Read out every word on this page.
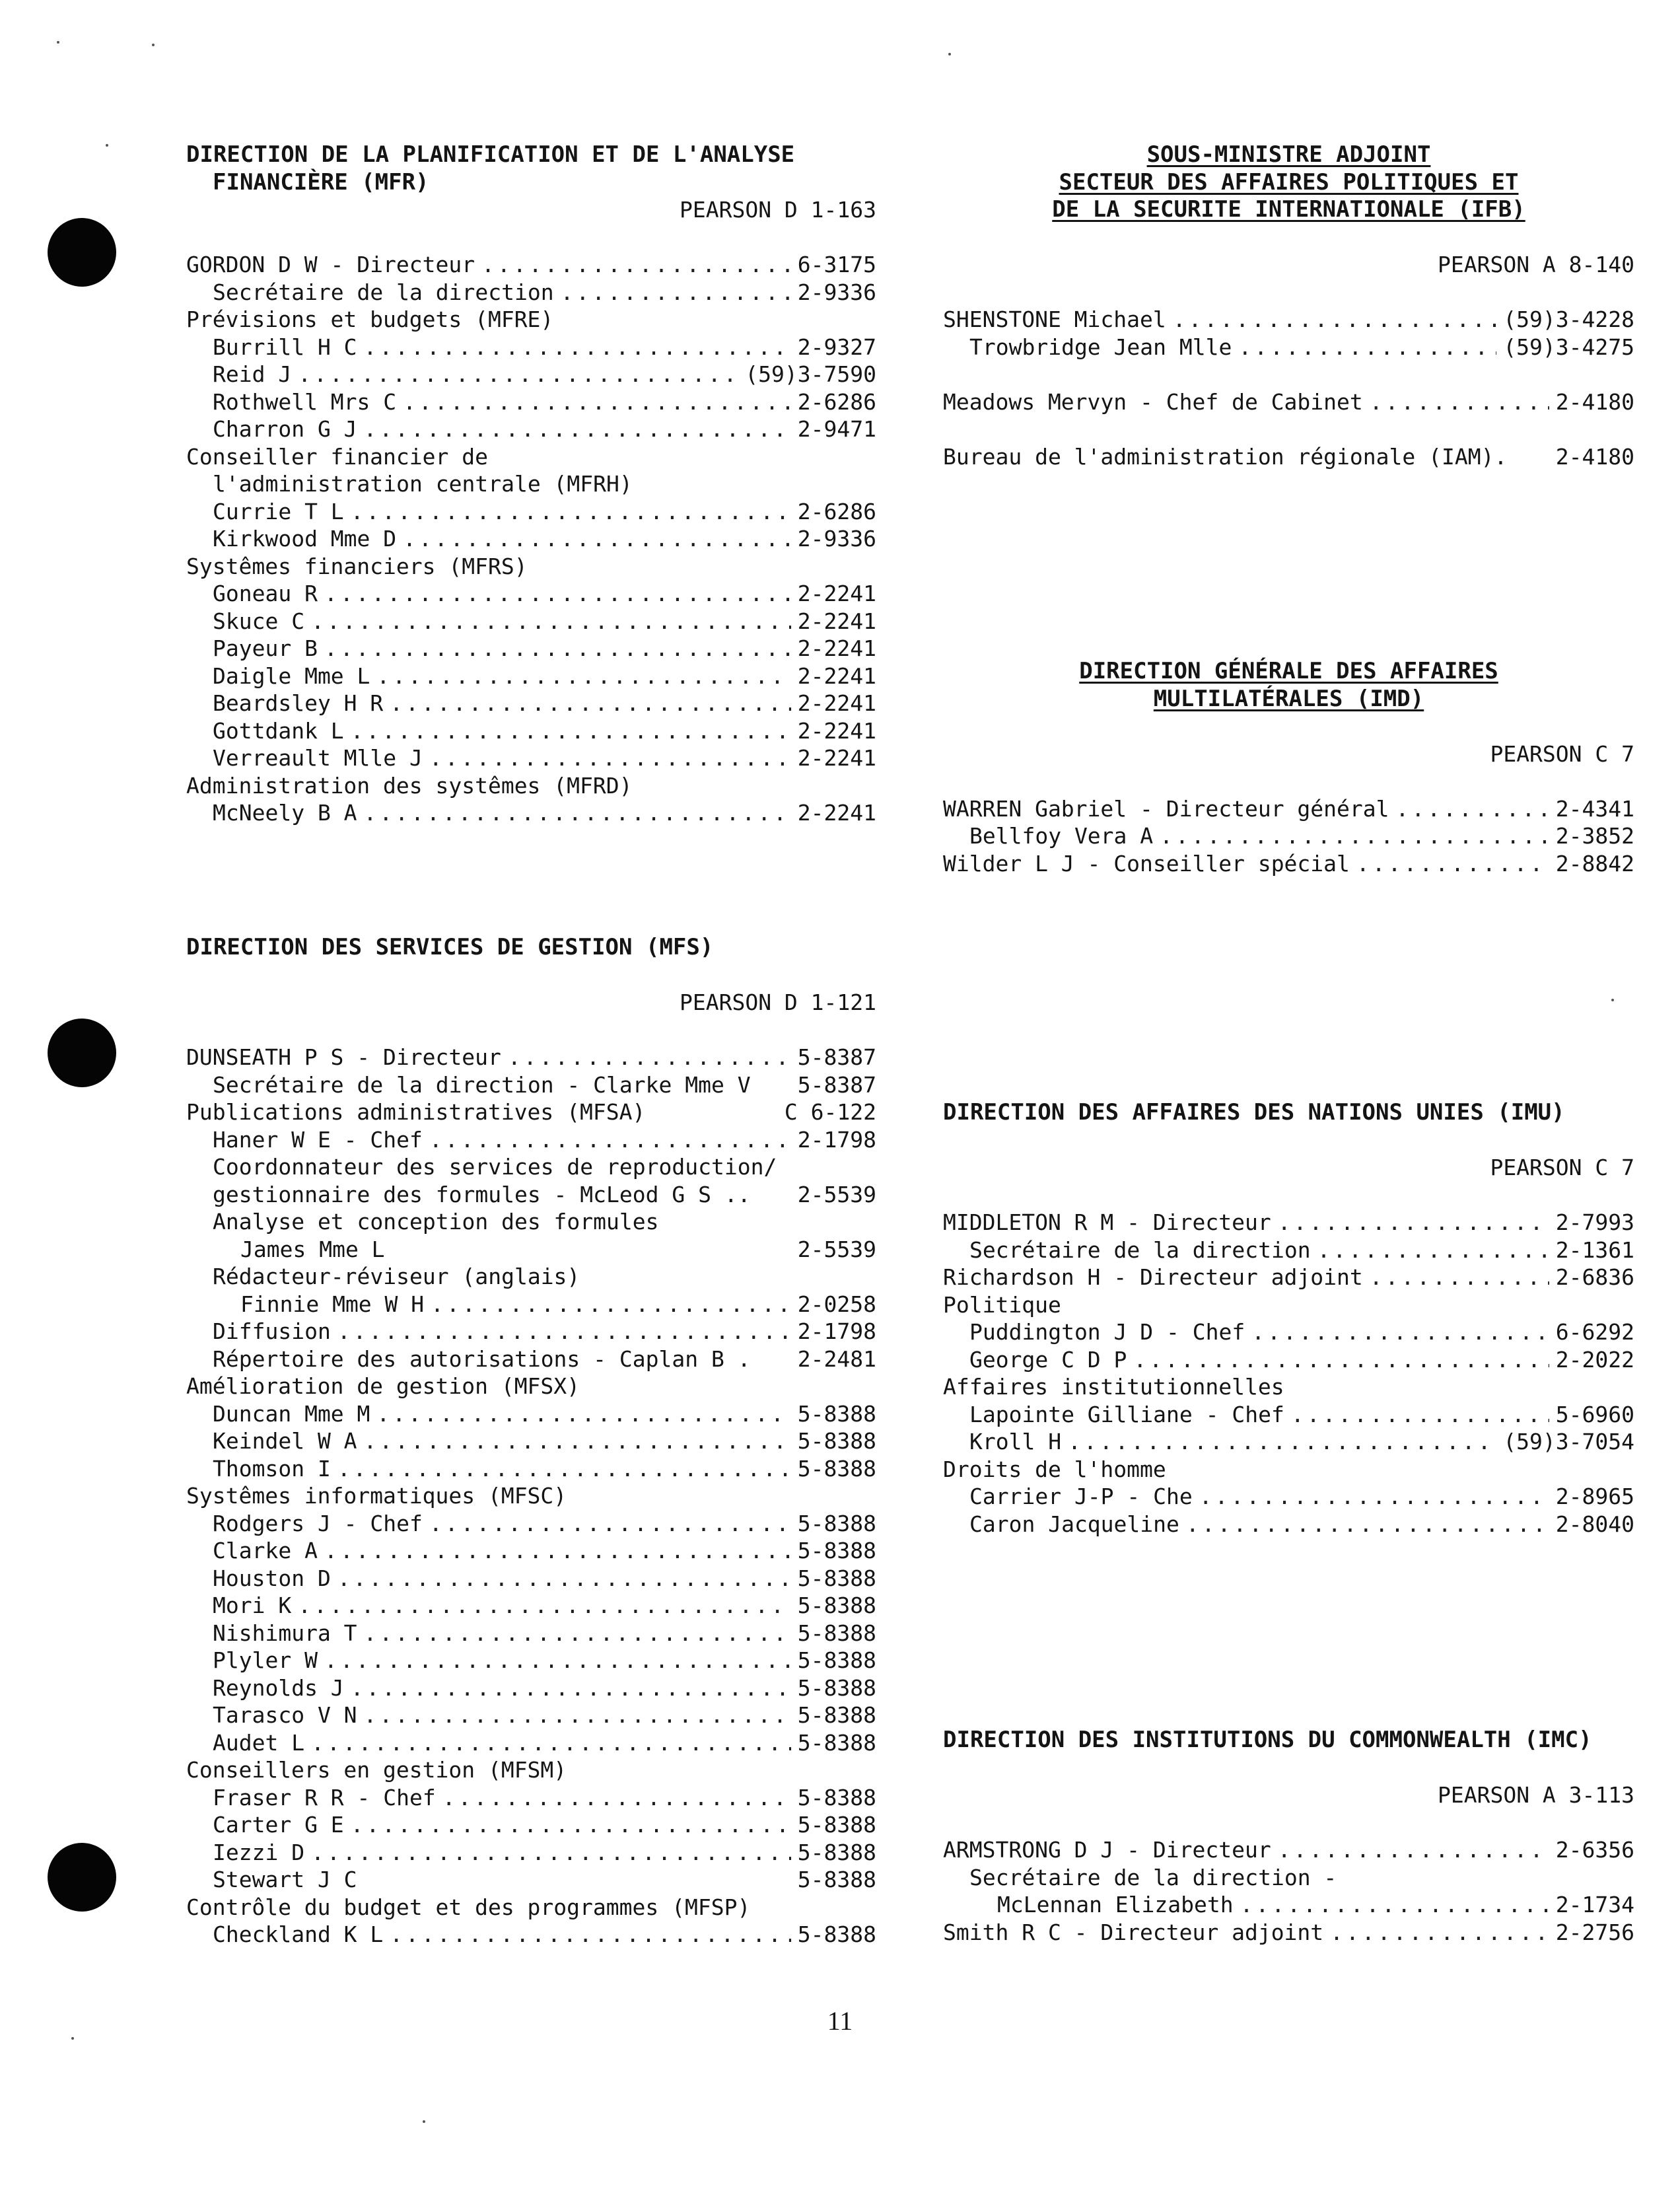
DIRECTION DE LA PLANIFICATION ET DE L'ANALYSE
FINANCIÈRE (MFR)
PEARSON D 1-163
GORDON D W - Directeur .....	6-3175
Secrétaire de la direction .....	2-9336
Prévisions et budgets (MFRE)
Burrill H C .....	2-9327
Reid J .....	(59)3-7590
Rothwell Mrs C .....	2-6286
Charron G J .....	2-9471
Conseiller financier de
l'administration centrale (MFRH)
Currie T L .....	2-6286
Kirkwood Mme D .....	2-9336
Systêmes financiers (MFRS)
Goneau R .....	2-2241
Skuce C .....	2-2241
Payeur B .....	2-2241
Daigle Mme L .....	2-2241
Beardsley H R .....	2-2241
Gottdank L .....	2-2241
Verreault Mlle J .....	2-2241
Administration des systêmes (MFRD)
McNeely B A .....	2-2241
DIRECTION DES SERVICES DE GESTION (MFS)
PEARSON D 1-121
DUNSEATH P S - Directeur .....	5-8387
Secrétaire de la direction - Clarke Mme V 5-8387
Publications administratives (MFSA)	C 6-122
Haner W E - Chef .....	2-1798
Coordonnateur des services de reproduction/
gestionnaire des formules - McLeod G S .. 2-5539
Analyse et conception des formules
James Mme L	2-5539
Rédacteur-réviseur (anglais)
Finnie Mme W H .....	2-0258
Diffusion .....	2-1798
Répertoire des autorisations - Caplan B . 2-2481
Amélioration de gestion (MFSX)
Duncan Mme M .....	5-8388
Keindel W A .....	5-8388
Thomson I .....	5-8388
Systêmes informatiques (MFSC)
Rodgers J - Chef .....	5-8388
Clarke A .....	5-8388
Houston D .....	5-8388
Mori K .....	5-8388
Nishimura T .....	5-8388
Plyler W .....	5-8388
Reynolds J .....	5-8388
Tarasco V N .....	5-8388
Audet L .....	5-8388
Conseillers en gestion (MFSM)
Fraser R R - Chef .....	5-8388
Carter G E .....	5-8388
Iezzi D .....	5-8388
Stewart J C	5-8388
Contrôle du budget et des programmes (MFSP)
Checkland K L .....	5-8388
SOUS-MINISTRE ADJOINT
SECTEUR DES AFFAIRES POLITIQUES ET
DE LA SECURITE INTERNATIONALE (IFB)
PEARSON A 8-140
SHENSTONE Michael .....	(59)3-4228
Trowbridge Jean Mlle .....	(59)3-4275
Meadows Mervyn - Chef de Cabinet .....	2-4180
Bureau de l'administration régionale (IAM). 2-4180
DIRECTION GÉNÉRALE DES AFFAIRES
MULTILATÉRALES (IMD)
PEARSON C 7
WARREN Gabriel - Directeur général .....	2-4341
Bellfoy Vera A .....	2-3852
Wilder L J - Conseiller spécial .....	2-8842
DIRECTION DES AFFAIRES DES NATIONS UNIES (IMU)
PEARSON C 7
MIDDLETON R M - Directeur .....	2-7993
Secrétaire de la direction .....	2-1361
Richardson H - Directeur adjoint .....	2-6836
Politique
Puddington J D - Chef .....	6-6292
George C D P .....	2-2022
Affaires institutionnelles
Lapointe Gilliane - Chef .....	5-6960
Kroll H .....	(59)3-7054
Droits de l'homme
Carrier J-P - Che .....	2-8965
Caron Jacqueline .....	2-8040
DIRECTION DES INSTITUTIONS DU COMMONWEALTH (IMC)
PEARSON A 3-113
ARMSTRONG D J - Directeur .....	2-6356
Secrétaire de la direction -
McLennan Elizabeth .....	2-1734
Smith R C - Directeur adjoint .....	2-2756
11
